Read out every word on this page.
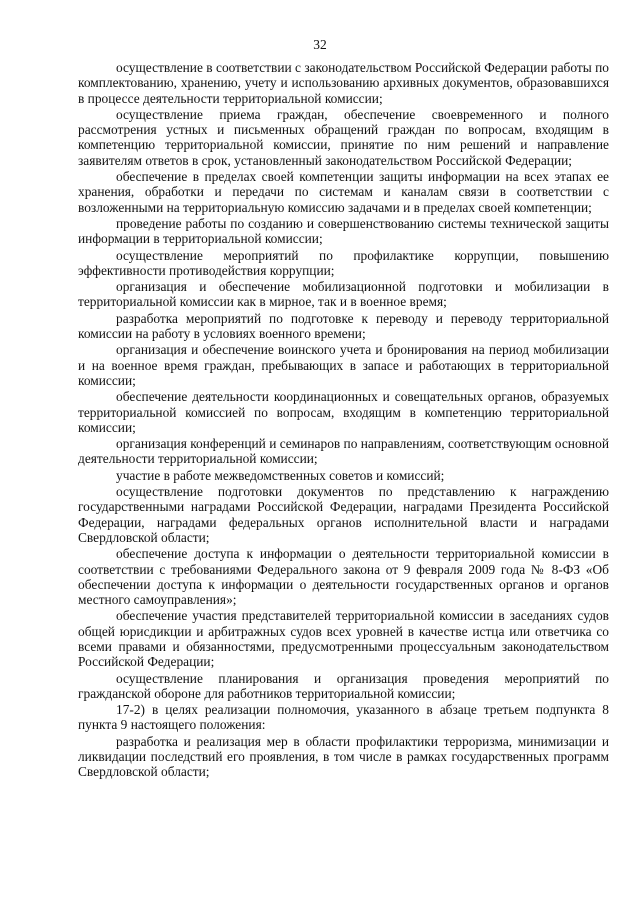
32

осуществление в соответствии с законодательством Российской Федерации работы по комплектованию, хранению, учету и использованию архивных документов, образовавшихся в процессе деятельности территориальной комиссии;

осуществление приема граждан, обеспечение своевременного и полного рассмотрения устных и письменных обращений граждан по вопросам, входящим в компетенцию территориальной комиссии, принятие по ним решений и направление заявителям ответов в срок, установленный законодательством Российской Федерации;

обеспечение в пределах своей компетенции защиты информации на всех этапах ее хранения, обработки и передачи по системам и каналам связи в соответствии с возложенными на территориальную комиссию задачами и в пределах своей компетенции;

проведение работы по созданию и совершенствованию системы технической защиты информации в территориальной комиссии;

осуществление мероприятий по профилактике коррупции, повышению эффективности противодействия коррупции;

организация и обеспечение мобилизационной подготовки и мобилизации в территориальной комиссии как в мирное, так и в военное время;

разработка мероприятий по подготовке к переводу и переводу территориальной комиссии на работу в условиях военного времени;

организация и обеспечение воинского учета и бронирования на период мобилизации и на военное время граждан, пребывающих в запасе и работающих в территориальной комиссии;

обеспечение деятельности координационных и совещательных органов, образуемых территориальной комиссией по вопросам, входящим в компетенцию территориальной комиссии;

организация конференций и семинаров по направлениям, соответствующим основной деятельности территориальной комиссии;

участие в работе межведомственных советов и комиссий;

осуществление подготовки документов по представлению к награждению государственными наградами Российской Федерации, наградами Президента Российской Федерации, наградами федеральных органов исполнительной власти и наградами Свердловской области;

обеспечение доступа к информации о деятельности территориальной комиссии в соответствии с требованиями Федерального закона от 9 февраля 2009 года № 8-ФЗ «Об обеспечении доступа к информации о деятельности государственных органов и органов местного самоуправления»;

обеспечение участия представителей территориальной комиссии в заседаниях судов общей юрисдикции и арбитражных судов всех уровней в качестве истца или ответчика со всеми правами и обязанностями, предусмотренными процессуальным законодательством Российской Федерации;

осуществление планирования и организация проведения мероприятий по гражданской обороне для работников территориальной комиссии;

17-2) в целях реализации полномочия, указанного в абзаце третьем подпункта 8 пункта 9 настоящего положения:

разработка и реализация мер в области профилактики терроризма, минимизации и ликвидации последствий его проявления, в том числе в рамках государственных программ Свердловской области;
